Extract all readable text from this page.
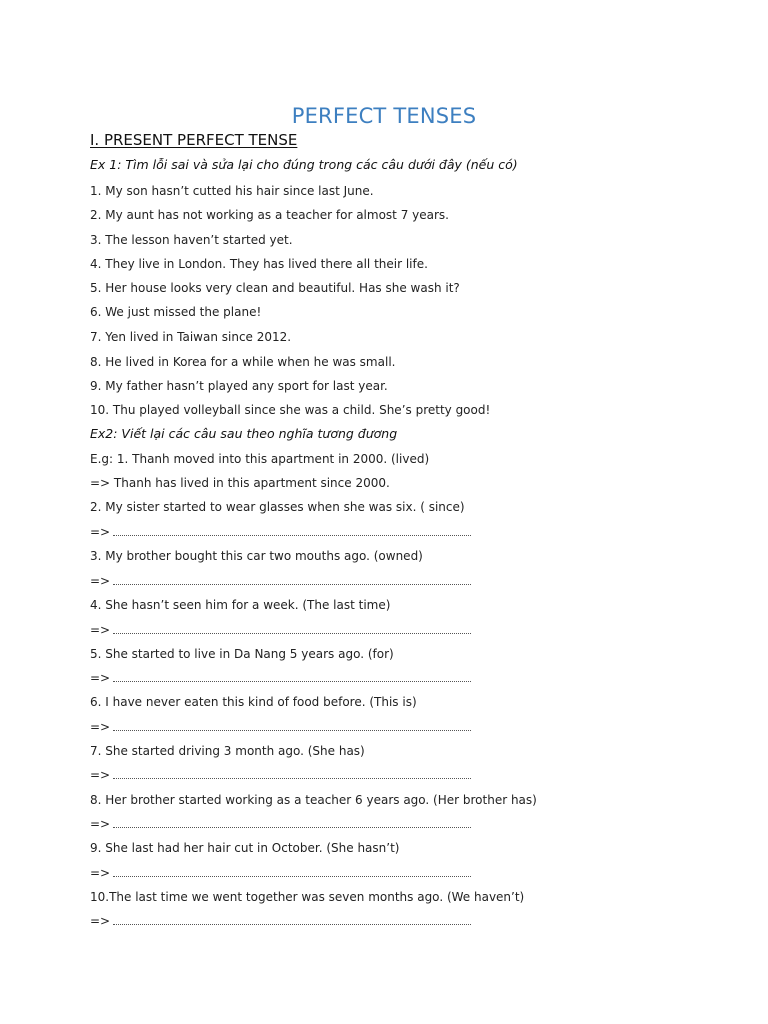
PERFECT TENSES
I. PRESENT PERFECT TENSE

Ex 1: Tìm lỗi sai và sửa lại cho đúng trong các câu dưới đây (nếu có)

1. My son hasn’t cutted his hair since last June.

2. My aunt has not working as a teacher for almost 7 years.

3. The lesson haven’t started yet.

4. They live in London. They has lived there all their life.

5. Her house looks very clean and beautiful. Has she wash it?

6. We just missed the plane!

7. Yen lived in Taiwan since 2012.

8. He lived in Korea for a while when he was small.

9. My father hasn’t played any sport for last year.

10. Thu played volleyball since she was a child. She’s pretty good!

Ex2: Viết lại các câu sau theo nghĩa tương đương

E.g: 1. Thanh moved into this apartment in 2000. (lived)

=> Thanh has lived in this apartment since 2000.

2. My sister started to wear glasses when she was six. ( since)

=>

3. My brother bought this car two mouths ago. (owned)

=>

4. She hasn’t seen him for a week. (The last time)

=>

5. She started to live in Da Nang 5 years ago. (for)

=>

6. I have never eaten this kind of food before. (This is)

=>

7. She started driving 3 month ago. (She has)

=>

8. Her brother started working as a teacher 6 years ago. (Her brother has)

=>

9. She last had her hair cut in October. (She hasn’t)

=>

10.The last time we went together was seven months ago. (We haven’t)

=>
